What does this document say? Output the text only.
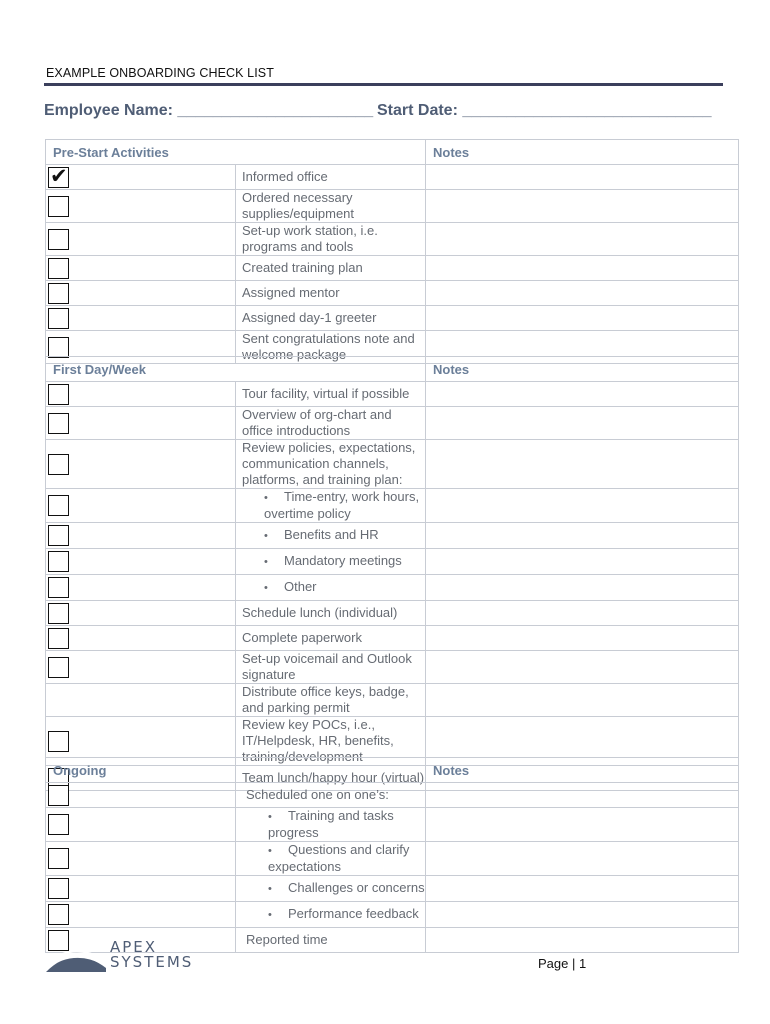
EXAMPLE ONBOARDING CHECK LIST
Employee Name: ______________________ Start Date: ____________________________
Pre-Start Activities		Notes

✔	Informed office	

	Ordered necessary supplies/equipment	

	Set-up work station, i.e. programs and tools	

	Created training plan	

	Assigned mentor	

	Assigned day-1 greeter	

	Sent congratulations note and welcome package	
First Day/Week		Notes

	Tour facility, virtual if possible	

	Overview of org-chart and office introductions	

	Review policies, expectations, communication channels, platforms, and training plan:	

	• Time-entry, work hours, overtime policy	

	• Benefits and HR	

	• Mandatory meetings	

	• Other	

	Schedule lunch (individual)	

	Complete paperwork	

	Set-up voicemail and Outlook signature	
	Distribute office keys, badge, and parking permit	

	Review key POCs, i.e., IT/Helpdesk, HR, benefits, training/development	

	Team lunch/happy hour (virtual)	
Ongoing		Notes

	Scheduled one on one’s:	

	• Training and tasks progress	

	• Questions and clarify expectations	

	• Challenges or concerns	

	• Performance feedback	

	Reported time	
APEX
SYSTEMS	Page | 1
